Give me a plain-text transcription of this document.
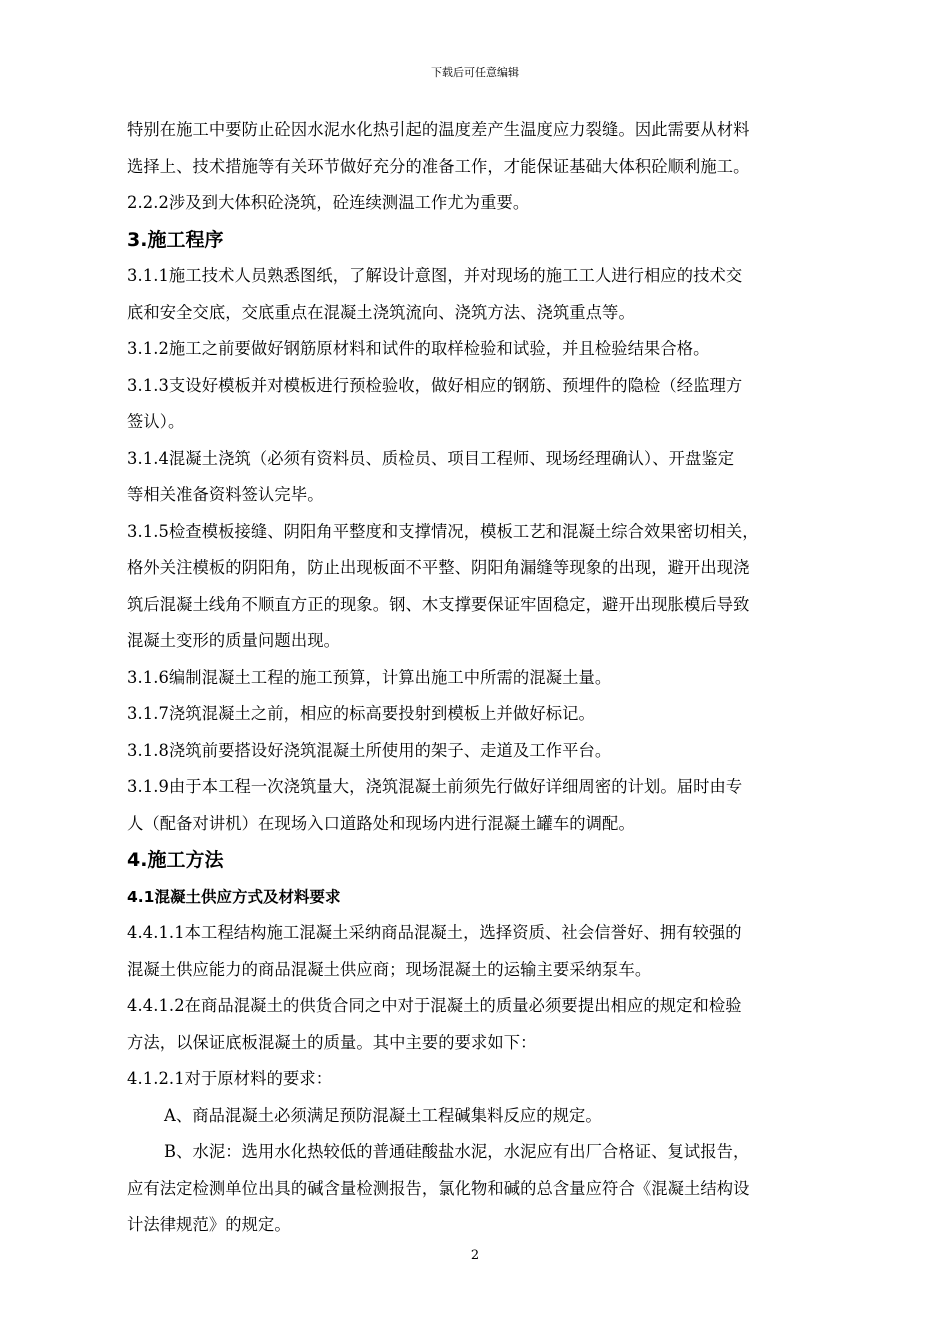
下载后可任意编辑

特别在施工中要防止砼因水泥水化热引起的温度差产生温度应力裂缝。因此需要从材料

选择上、技术措施等有关环节做好充分的准备工作，才能保证基础大体积砼顺利施工。

2.2.2涉及到大体积砼浇筑，砼连续测温工作尤为重要。

3.施工程序

3.1.1施工技术人员熟悉图纸，了解设计意图，并对现场的施工工人进行相应的技术交

底和安全交底，交底重点在混凝土浇筑流向、浇筑方法、浇筑重点等。

3.1.2施工之前要做好钢筋原材料和试件的取样检验和试验，并且检验结果合格。

3.1.3支设好模板并对模板进行预检验收，做好相应的钢筋、预埋件的隐检（经监理方

签认）。

3.1.4混凝土浇筑（必须有资料员、质检员、项目工程师、现场经理确认）、开盘鉴定

等相关准备资料签认完毕。

3.1.5检查模板接缝、阴阳角平整度和支撑情况，模板工艺和混凝土综合效果密切相关，

格外关注模板的阴阳角，防止出现板面不平整、阴阳角漏缝等现象的出现，避开出现浇

筑后混凝土线角不顺直方正的现象。钢、木支撑要保证牢固稳定，避开出现胀模后导致

混凝土变形的质量问题出现。

3.1.6编制混凝土工程的施工预算，计算出施工中所需的混凝土量。

3.1.7浇筑混凝土之前，相应的标高要投射到模板上并做好标记。

3.1.8浇筑前要搭设好浇筑混凝土所使用的架子、走道及工作平台。

3.1.9由于本工程一次浇筑量大，浇筑混凝土前须先行做好详细周密的计划。届时由专

人（配备对讲机）在现场入口道路处和现场内进行混凝土罐车的调配。

4.施工方法

4.1混凝土供应方式及材料要求

4.4.1.1本工程结构施工混凝土采纳商品混凝土，选择资质、社会信誉好、拥有较强的

混凝土供应能力的商品混凝土供应商；现场混凝土的运输主要采纳泵车。

4.4.1.2在商品混凝土的供货合同之中对于混凝土的质量必须要提出相应的规定和检验

方法，以保证底板混凝土的质量。其中主要的要求如下：

4.1.2.1对于原材料的要求：

A、商品混凝土必须满足预防混凝土工程碱集料反应的规定。

B、水泥：选用水化热较低的普通硅酸盐水泥，水泥应有出厂合格证、复试报告，

应有法定检测单位出具的碱含量检测报告，氯化物和碱的总含量应符合《混凝土结构设

计法律规范》的规定。

2
